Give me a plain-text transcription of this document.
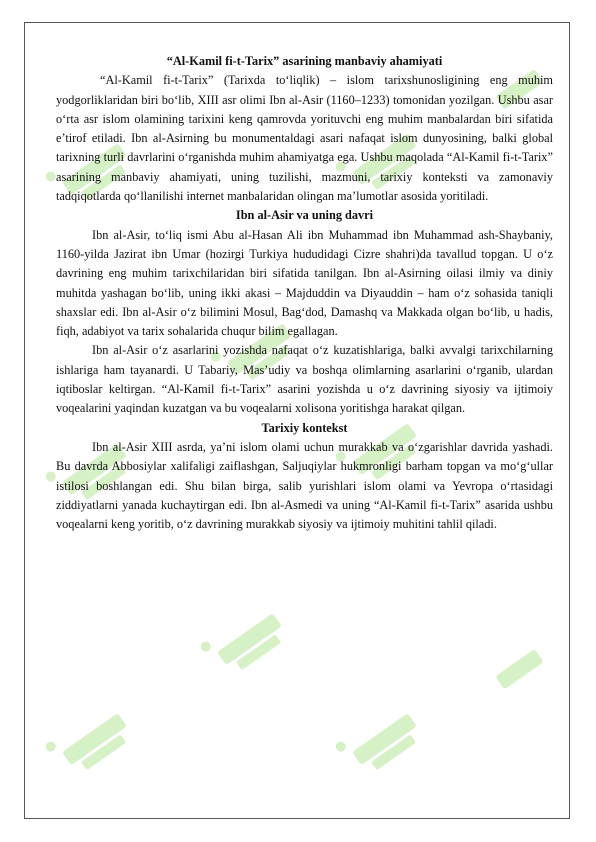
“Al-Kamil fi-t-Tarix” asarining manbaviy ahamiyati

“Al-Kamil fi-t-Tarix” (Tarixda to‘liqlik) – islom tarixshunosligining eng muhim yodgorliklaridan biri bo‘lib, XIII asr olimi Ibn al-Asir (1160–1233) tomonidan yozilgan. Ushbu asar o‘rta asr islom olamining tarixini keng qamrovda yorituvchi eng muhim manbalardan biri sifatida e’tirof etiladi. Ibn al-Asirning bu monumentaldagi asari nafaqat islom dunyosining, balki global tarixning turli davrlarini o‘rganishda muhim ahamiyatga ega. Ushbu maqolada “Al-Kamil fi-t-Tarix” asarining manbaviy ahamiyati, uning tuzilishi, mazmuni, tarixiy konteksti va zamonaviy tadqiqotlarda qo‘llanilishi internet manbalaridan olingan ma’lumotlar asosida yoritiladi.

Ibn al-Asir va uning davri

Ibn al-Asir, to‘liq ismi Abu al-Hasan Ali ibn Muhammad ibn Muhammad ash-Shaybaniy, 1160-yilda Jazirat ibn Umar (hozirgi Turkiya hududidagi Cizre shahri)da tavallud topgan. U o‘z davrining eng muhim tarixchilaridan biri sifatida tanilgan. Ibn al-Asirning oilasi ilmiy va diniy muhitda yashagan bo‘lib, uning ikki akasi – Majduddin va Diyauddin – ham o‘z sohasida taniqli shaxslar edi. Ibn al-Asir o‘z bilimini Mosul, Bag‘dod, Damashq va Makkada olgan bo‘lib, u hadis, fiqh, adabiyot va tarix sohalarida chuqur bilim egallagan.

Ibn al-Asir o‘z asarlarini yozishda nafaqat o‘z kuzatishlariga, balki avvalgi tarixchilarning ishlariga ham tayanardi. U Tabariy, Mas’udiy va boshqa olimlarning asarlarini o‘rganib, ulardan iqtiboslar keltirgan. “Al-Kamil fi-t-Tarix” asarini yozishda u o‘z davrining siyosiy va ijtimoiy voqealarini yaqindan kuzatgan va bu voqealarni xolisona yoritishga harakat qilgan.

Tarixiy kontekst

Ibn al-Asir XIII asrda, ya’ni islom olami uchun murakkab va o‘zgarishlar davrida yashadi. Bu davrda Abbosiylar xalifaligi zaiflashgan, Saljuqiylar hukmronligi barham topgan va mo‘g‘ullar istilosi boshlangan edi. Shu bilan birga, salib yurishlari islom olami va Yevropa o‘rtasidagi ziddiyatlarni yanada kuchaytirgan edi. Ibn al-Asmedi va uning “Al-Kamil fi-t-Tarix” asarida ushbu voqealarni keng yoritib, o‘z davrining murakkab siyosiy va ijtimoiy muhitini tahlil qiladi.
